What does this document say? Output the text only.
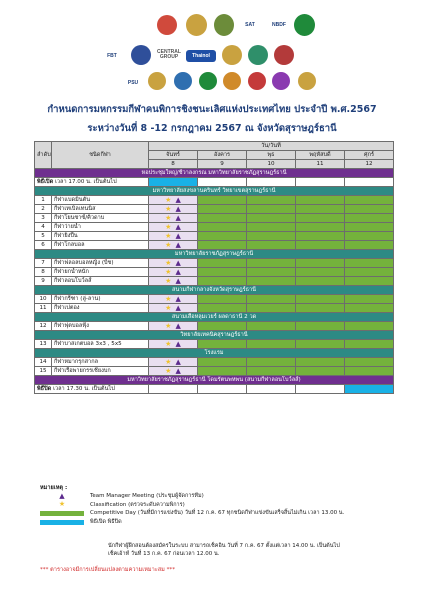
SAT	NBDF
FBT
CENTRAL GROUP	Thainol
PSU
กำหนดการมหกรรมกีฬาคนพิการชิงชนะเลิศแห่งประเทศไทย ประจำปี พ.ศ.2567
ระหว่างวันที่ 8 -12 กรกฎาคม 2567 ณ จังหวัดสุราษฎร์ธานี
ลำดับ	ชนิดกีฬา	วัน/วันที่				
		จันทร์	อังคาร	พุธ	พฤหัสบดี	ศุกร์
		8	9	10	11	12
หอประชุมใหญ่/ชีวาลงกรณ มหาวิทยาลัยราชภัฏสุราษฎร์ธานี						
พิธีเปิด เวลา 17.00 น. เป็นต้นไป						
มหาวิทยาลัยสงขลานครินทร์ วิทยาเขตสุราษฎร์ธานี						
1	กีฬาแบดมินตัน	★ ▲				
2	กีฬาเทเบิลเทนนิส	★ ▲				
3	กีฬาโยนซาซ์/คิวดาบ	★ ▲				
4	กีฬาว่ายน้ำ	★ ▲				
5	กีฬายิงปืน	★ ▲				
6	กีฬาโกลบอล	★ ▲				
มหาวิทยาลัยราชภัฏสุราษฎร์ธานี						
7	กีฬาฟลอลบอลหญิง (บีช)	★ ▲				
8	กีฬายกน้ำหนัก	★ ▲				
9	กีฬาลอนโบว์ลส์	★ ▲				
สนามกีฬากลางจังหวัดสุราษฎร์ธานี						
10	กีฬากรีฑา (ลู่-ลาน)	★ ▲				
11	กีฬาเปตอง	★ ▲				
สนามเสือหลุมเวยร์ ผลดาธานี 2 วด						
12	กีฬาฟุตบอลฟุ้ง	★ ▲				
วิทยาลัยเทคนิคสุราษฎร์ธานี						
13	กีฬาบาสเกตบอล 3x3 , 5x5	★ ▲				
โรงแรม						
14	กีฬาหมากรุกสากล	★ ▲				
15	กีฬาเรือพายกรรเชียงบก	★ ▲				
มหาวิทยาลัยราชภัฏสุราษฎร์ธานี โดมรัตนพหพน (สนามกีฬาลอนโบว์ลส์)						
พิธีปิด เวลา 17.30 น. เป็นต้นไป						
หมายเหตุ :
▲	Team Manager Meeting (ประชุมผู้จัดการทีม)
★	Classification (ตรวจระดับความพิการ)
Competitive Day (วันที่มีการแข่งขัน) วันที่ 12 ก.ค. 67 ทุกชนิดกีฬาแข่งขันเสร็จสิ้นไม่เกิน เวลา 13.00 น.
พิธีเปิด พิธีปิด
นักกีฬาผู้ฝึกสอนต้องสมัครในระบบ สามารถเช็คอิน วันที่ 7 ก.ค. 67 ตั้งแต่เวลา 14.00 น. เป็นต้นไป
เช็คเอ้าท์ วันที่ 13 ก.ค. 67 ก่อนเวลา 12.00 น.
*** ตารางอาจมีการเปลี่ยนแปลงตามความเหมาะสม ***
